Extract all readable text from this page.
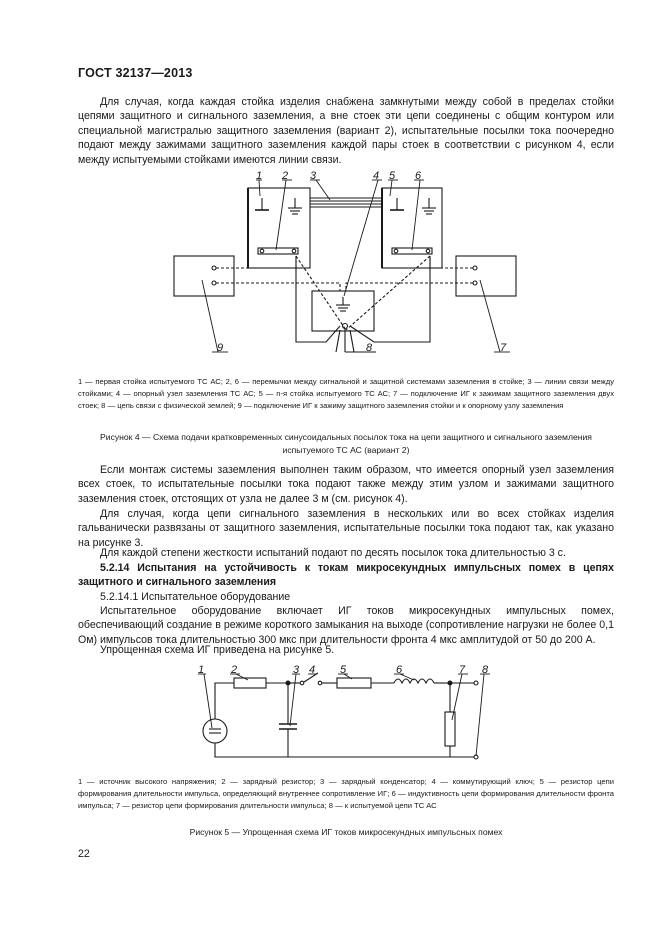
ГОСТ 32137—2013
Для случая, когда каждая стойка изделия снабжена замкнутыми между собой в пределах стойки цепями защитного и сигнального заземления, а вне стоек эти цепи соединены с общим контуром или специальной магистралью защитного заземления (вариант 2), испытательные посылки тока поочередно подают между зажимами защитного заземления каждой пары стоек в соответствии с рисунком 4, если между испытуемыми стойками имеются линии связи.
1 2 3	4 5 6
7
8
9
1 — первая стойка испытуемого ТС АС; 2, 6 — перемычки между сигнальной и защитной системами заземления в стойке; 3 — линии связи между стойками; 4 — опорный узел заземления ТС АС; 5 — n-я стойка испытуемого ТС АС; 7 — подключение ИГ к зажимам защитного заземления двух стоек; 8 — цепь связи с физической землей; 9 — подключение ИГ к зажиму защитного заземления стойки и к опорному узлу заземления
Рисунок 4 — Схема подачи кратковременных синусоидальных посылок тока на цепи защитного и сигнального заземления испытуемого ТС АС (вариант 2)
Если монтаж системы заземления выполнен таким образом, что имеется опорный узел заземления всех стоек, то испытательные посылки тока подают также между этим узлом и зажимами защитного заземления стоек, отстоящих от узла не далее 3 м (см. рисунок 4).
Для случая, когда цепи сигнального заземления в нескольких или во всех стойках изделия гальванически развязаны от защитного заземления, испытательные посылки тока подают так, как указано на рисунке 3.
Для каждой степени жесткости испытаний подают по десять посылок тока длительностью 3 с.
5.2.14 Испытания на устойчивость к токам микросекундных импульсных помех в цепях защитного и сигнального заземления
5.2.14.1 Испытательное оборудование
Испытательное оборудование включает ИГ токов микросекундных импульсных помех, обеспечивающий создание в режиме короткого замыкания на выходе (сопротивление нагрузки не более 0,1 Ом) импульсов тока длительностью 300 мкс при длительности фронта 4 мкс амплитудой от 50 до 200 А.
Упрощенная схема ИГ приведена на рисунке 5.
1 2	3 4 5	6	7 8
1 — источник высокого напряжения; 2 — зарядный резистор; 3 — зарядный конденсатор; 4 — коммутирующий ключ; 5 — резистор цепи формирования длительности импульса, определяющий внутреннее сопротивление ИГ; 6 — индуктивность цепи формирования длительности фронта импульса; 7 — резистор цепи формирования длительности импульса; 8 — к испытуемой цепи ТС АС
Рисунок 5 — Упрощенная схема ИГ токов микросекундных импульсных помех
22
